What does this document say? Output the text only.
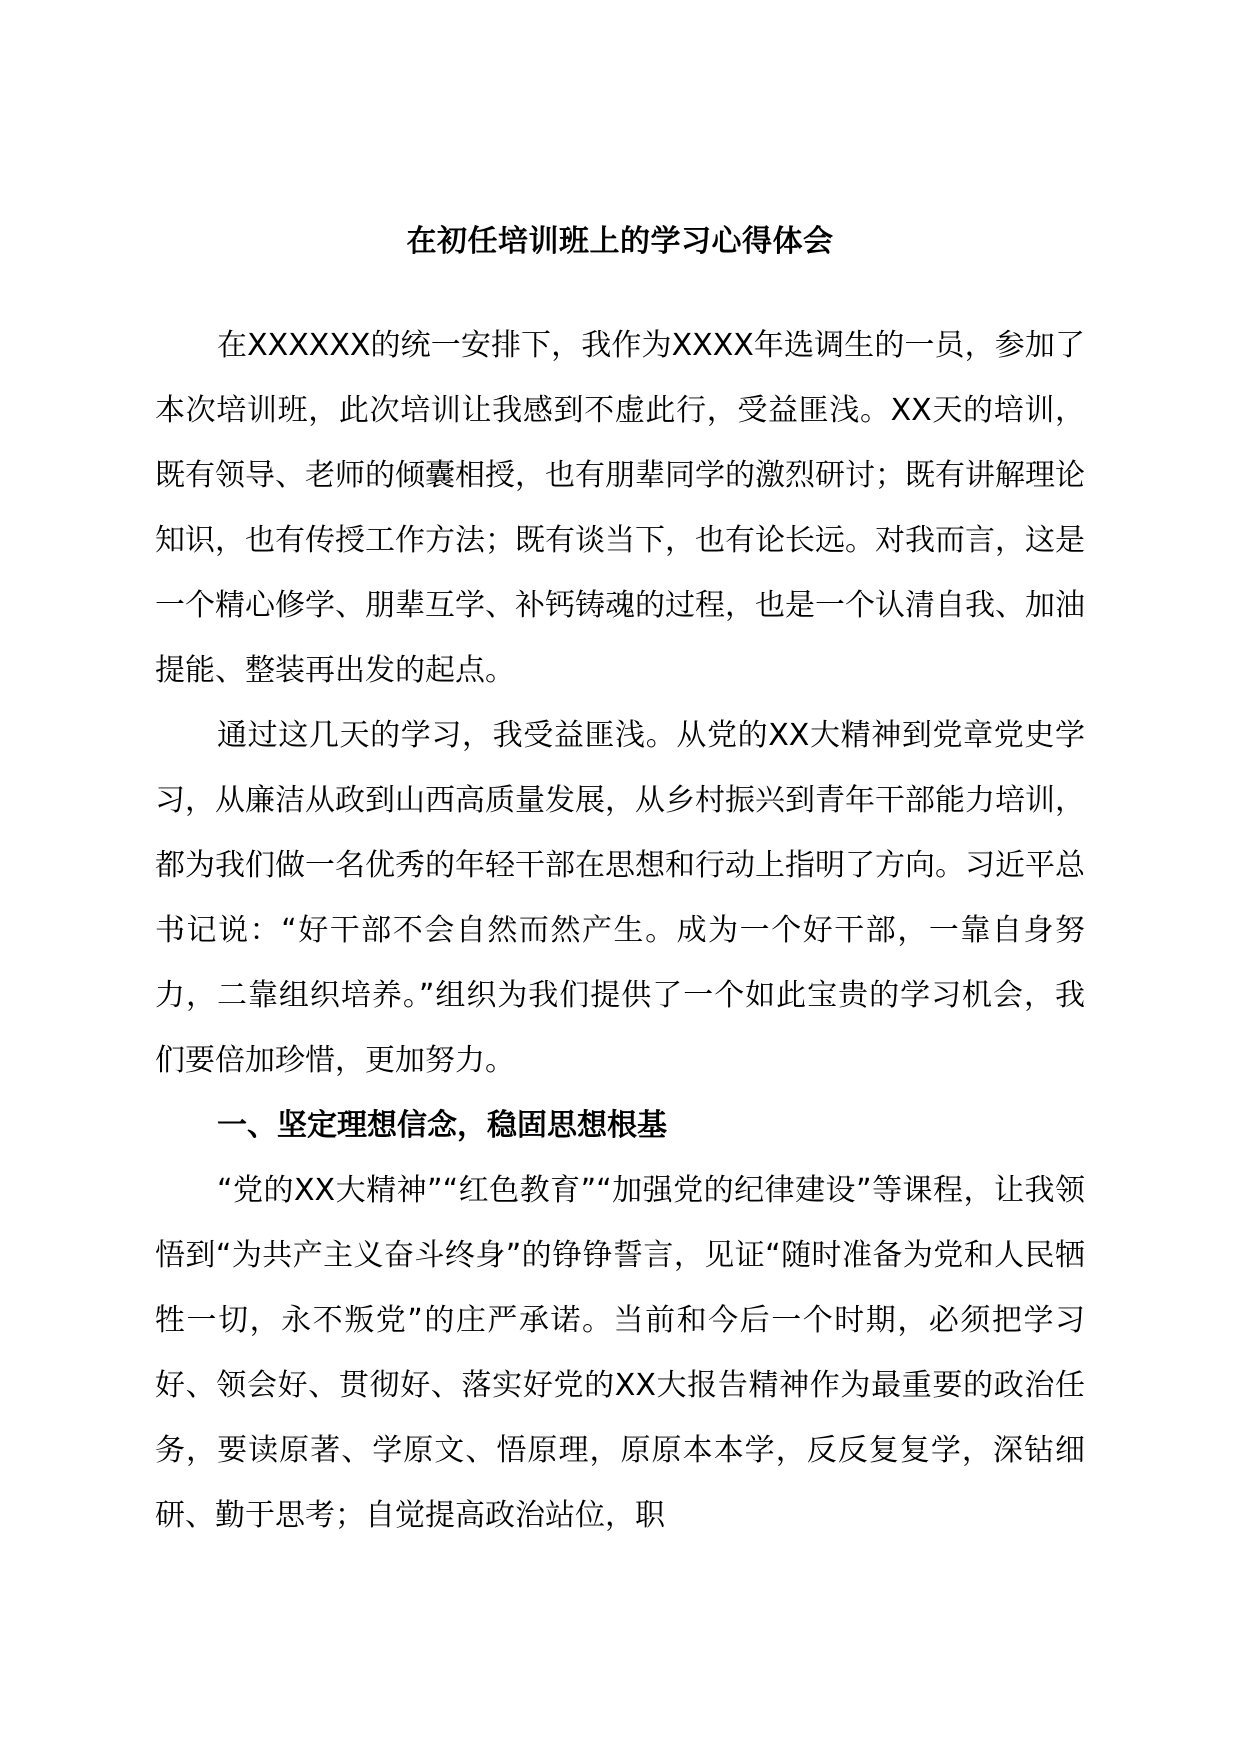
在初任培训班上的学习心得体会

在XXXXXX的统一安排下，我作为XXXX年选调生的一员，参加了本次培训班，此次培训让我感到不虚此行，受益匪浅。XX天的培训，既有领导、老师的倾囊相授，也有朋辈同学的激烈研讨；既有讲解理论知识，也有传授工作方法；既有谈当下，也有论长远。对我而言，这是一个精心修学、朋辈互学、补钙铸魂的过程，也是一个认清自我、加油提能、整装再出发的起点。

通过这几天的学习，我受益匪浅。从党的XX大精神到党章党史学习，从廉洁从政到山西高质量发展，从乡村振兴到青年干部能力培训，都为我们做一名优秀的年轻干部在思想和行动上指明了方向。习近平总书记说：“好干部不会自然而然产生。成为一个好干部，一靠自身努力，二靠组织培养。”组织为我们提供了一个如此宝贵的学习机会，我们要倍加珍惜，更加努力。

一、坚定理想信念，稳固思想根基

“党的XX大精神”“红色教育”“加强党的纪律建设”等课程，让我领悟到“为共产主义奋斗终身”的铮铮誓言，见证“随时准备为党和人民牺牲一切，永不叛党”的庄严承诺。当前和今后一个时期，必须把学习好、领会好、贯彻好、落实好党的XX大报告精神作为最重要的政治任务，要读原著、学原文、悟原理，原原本本学，反反复复学，深钻细研、勤于思考；自觉提高政治站位，职
